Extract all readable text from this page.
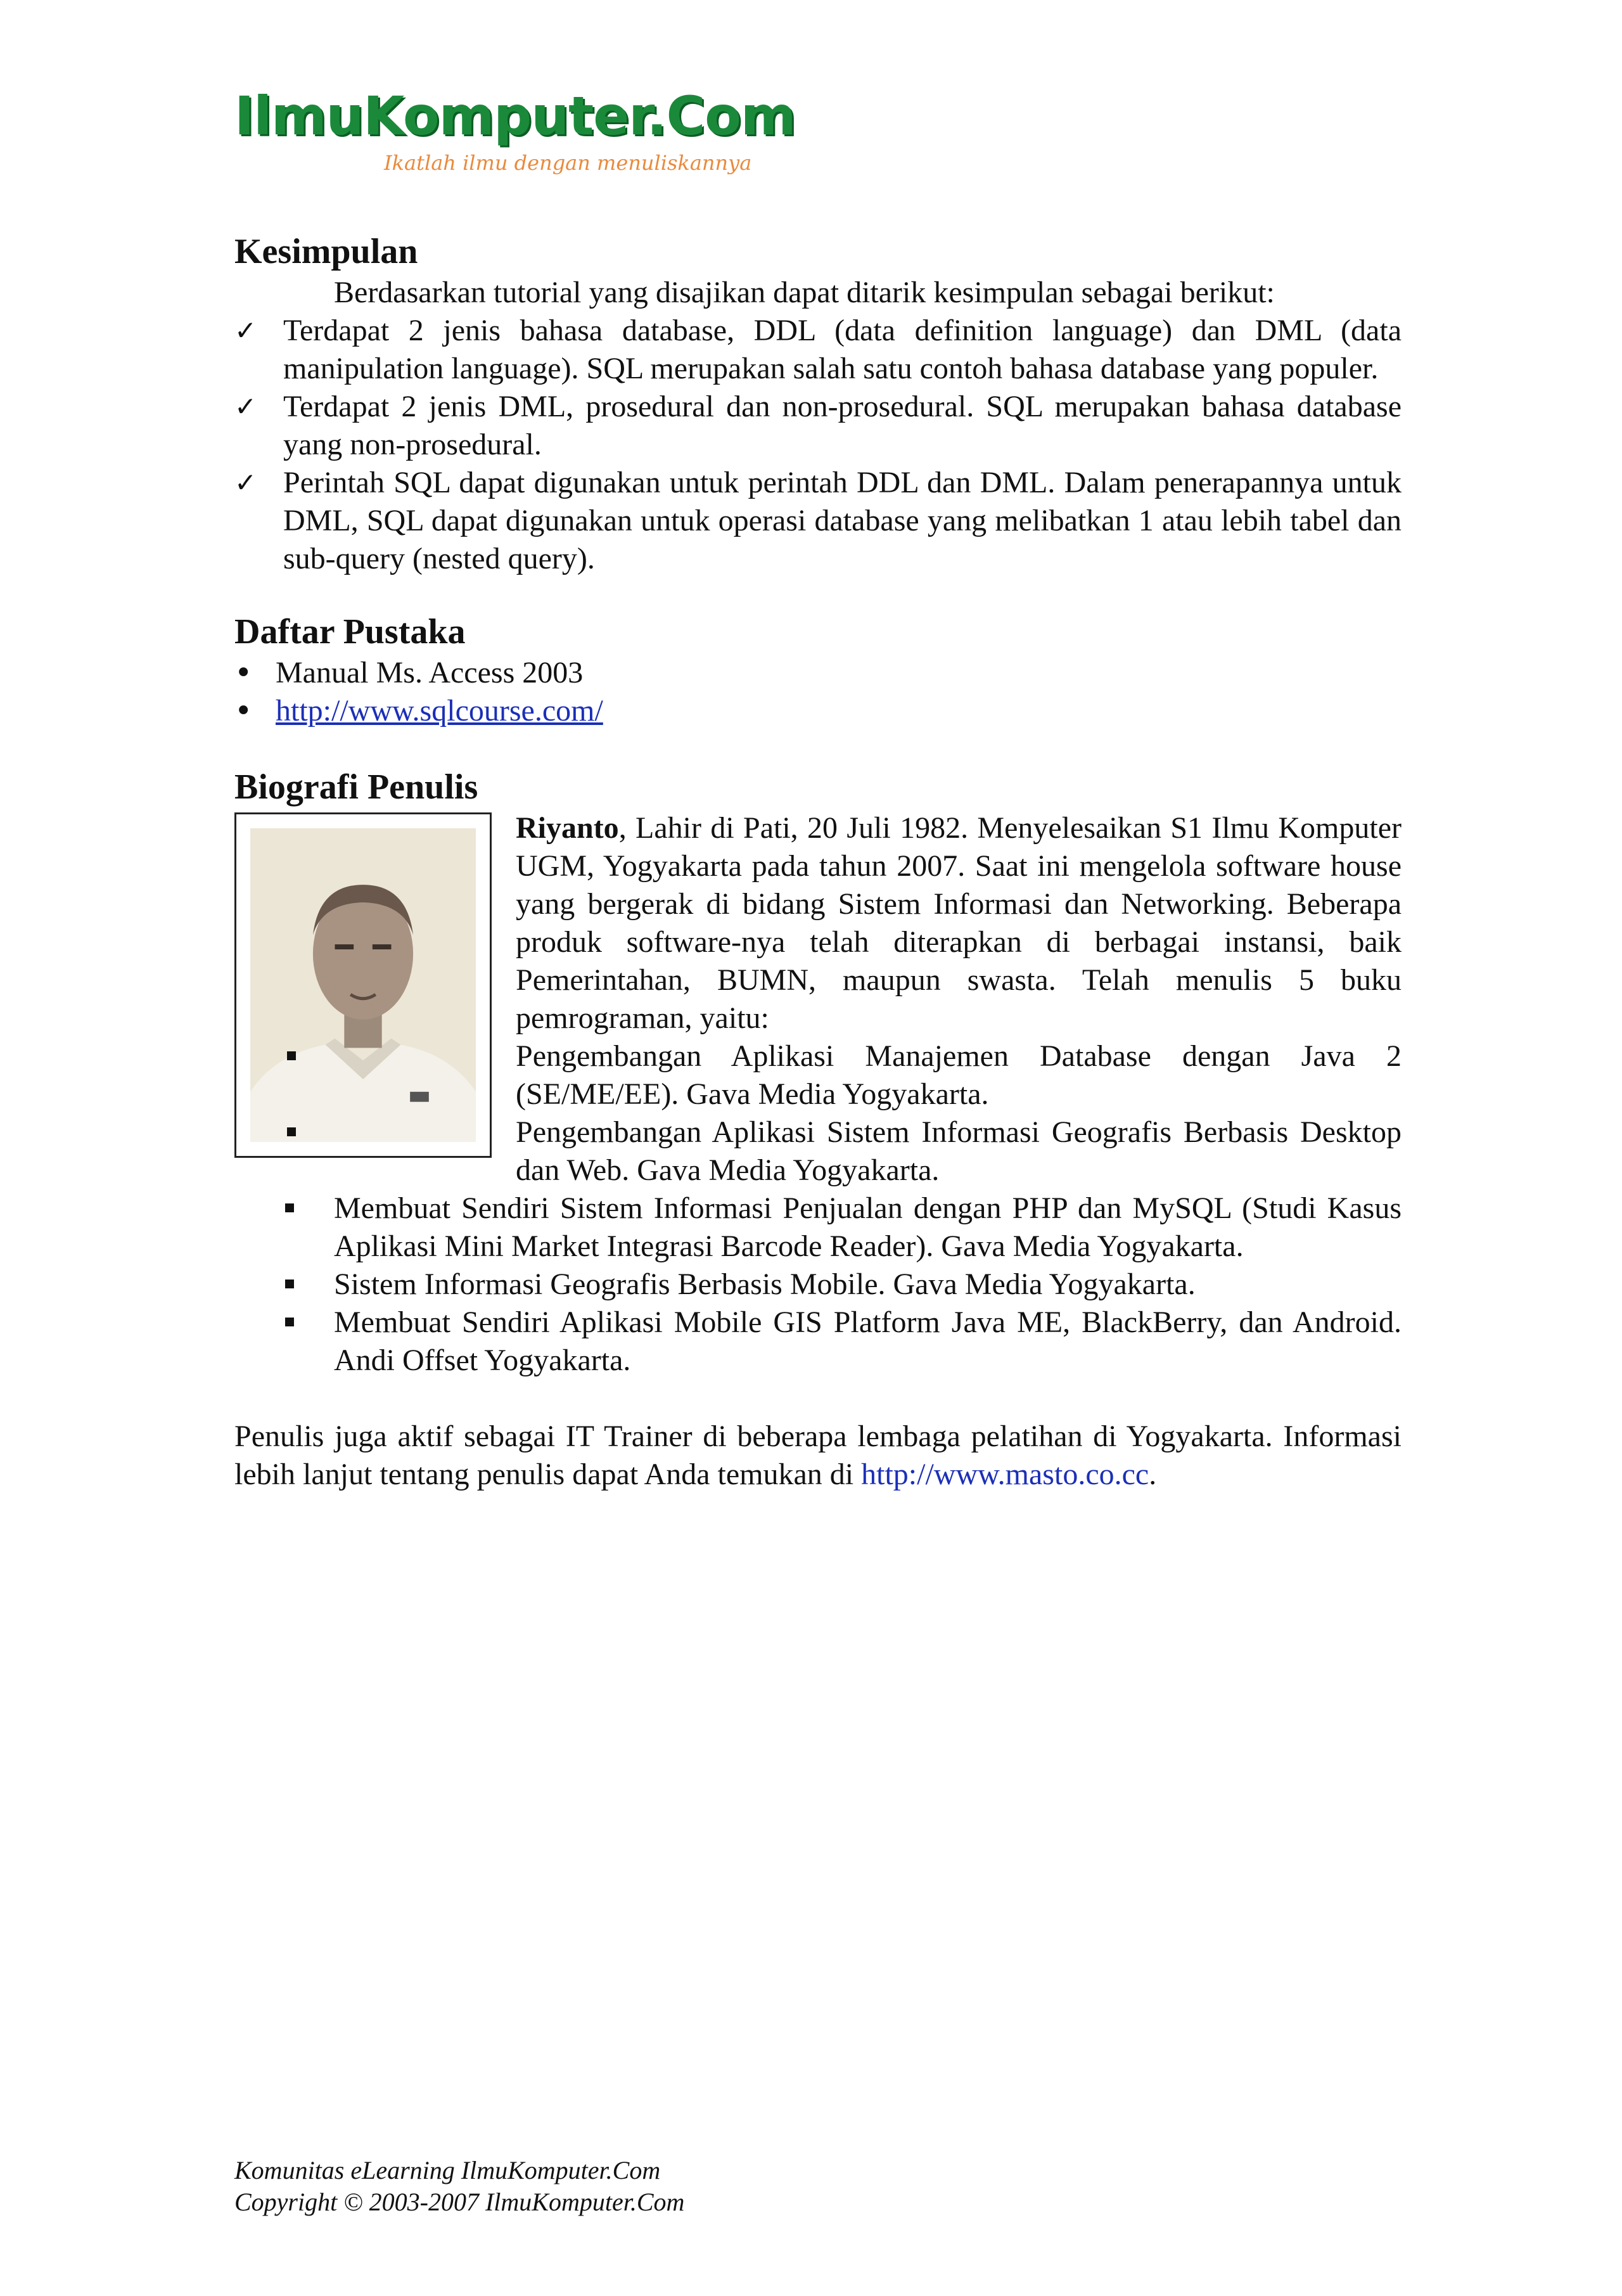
IlmuKomputer.Com
Ikatlah ilmu dengan menuliskannya
Kesimpulan

Berdasarkan tutorial yang disajikan dapat ditarik kesimpulan sebagai berikut:

✓ Terdapat 2 jenis bahasa database, DDL (data definition language) dan DML (data manipulation language). SQL merupakan salah satu contoh bahasa database yang populer.
✓ Terdapat 2 jenis DML, prosedural dan non-prosedural. SQL merupakan bahasa database yang non-prosedural.
✓ Perintah SQL dapat digunakan untuk perintah DDL dan DML. Dalam penerapannya untuk DML, SQL dapat digunakan untuk operasi database yang melibatkan 1 atau lebih tabel dan sub-query (nested query).
Daftar Pustaka
• Manual Ms. Access 2003
• http://www.sqlcourse.com/
Biografi Penulis

Riyanto, Lahir di Pati, 20 Juli 1982. Menyelesaikan S1 Ilmu Komputer UGM, Yogyakarta pada tahun 2007. Saat ini mengelola software house yang bergerak di bidang Sistem Informasi dan Networking. Beberapa produk software-nya telah diterapkan di berbagai instansi, baik Pemerintahan, BUMN, maupun swasta. Telah menulis 5 buku pemrograman, yaitu:

Pengembangan Aplikasi Manajemen Database dengan Java 2 (SE/ME/EE). Gava Media Yogyakarta.
Pengembangan Aplikasi Sistem Informasi Geografis Berbasis Desktop dan Web. Gava Media Yogyakarta.
Membuat Sendiri Sistem Informasi Penjualan dengan PHP dan MySQL (Studi Kasus Aplikasi Mini Market Integrasi Barcode Reader). Gava Media Yogyakarta.
Sistem Informasi Geografis Berbasis Mobile. Gava Media Yogyakarta.
Membuat Sendiri Aplikasi Mobile GIS Platform Java ME, BlackBerry, dan Android. Andi Offset Yogyakarta.

Penulis juga aktif sebagai IT Trainer di beberapa lembaga pelatihan di Yogyakarta. Informasi lebih lanjut tentang penulis dapat Anda temukan di http://www.masto.co.cc.

Komunitas eLearning IlmuKomputer.Com
Copyright © 2003-2007 IlmuKomputer.Com
